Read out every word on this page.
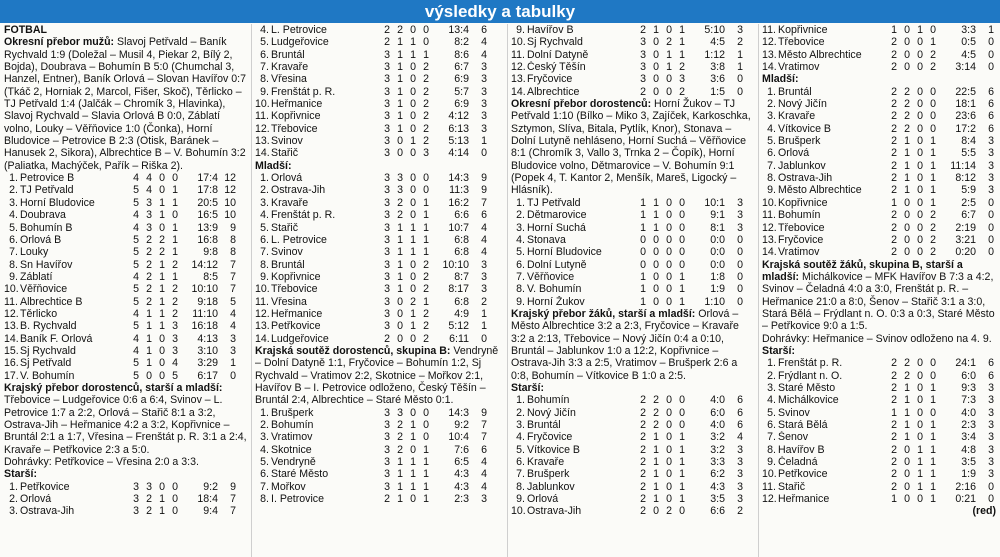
výsledky a tabulky
FOTBAL
Okresní přebor mužů: Slavoj Petřvald – Baník Rychvald 1:9 (Doležal – Musil 4, Piekar 2, Bílý 2, Bojda), Doubrava – Bohumín B 5:0 (Chumchal 3, Hanzel, Entner), Baník Orlová – Slovan Havířov 0:7 (Tkáč 2, Horniak 2, Marcol, Fišer, Skoč), Těrlicko – TJ Petřvald 1:4 (Jalčák – Chromík 3, Hlavinka), Slavoj Rychvald – Slavia Orlová B 0:0, Záblatí volno, Louky – Věřňovice 1:0 (Čonka), Horní Bludovice – Petrovice B 2:3 (Otisk, Baránek – Hanusek 2, Sikora), Albrechtice B – V. Bohumín 3:2 (Paliatka, Machýček, Pařík – Riška 2).
1. Petrovice B	4 4 0 0	17:4 12
2. TJ Petřvald	5 4 0 1	17:8 12
3. Horní Bludovice	5 3 1 1	20:5 10
4. Doubrava	4 3 1 0	16:5 10
5. Bohumín B	4 3 0 1	13:9	9
6. Orlová B	5 2 2 1	16:8	8
7. Louky	5 2 2 1	9:8	8
8. Sn Havířov	5 2 1 2	14:12	7
9. Záblatí	4 2 1 1	8:5	7
10. Věřňovice	5 2 1 2	10:10	7
11. Albrechtice B	5 2 1 2	9:18	5
12. Těrlicko	4 1 1 2	11:10	4
13. B. Rychvald	5 1 1 3	16:18	4
14. Baník F. Orlová	4 1 0 3	4:13	3
15. Sj Rychvald	4 1 0 3	3:10	3
16. Sj Petřvald	5 1 0 4	3:29	1
17. V. Bohumín	5 0 0 5	6:17	0
Krajský přebor dorostenců, starší a mladší: Třebovice – Ludgeřovice 0:6 a 6:4, Svinov – L. Petrovice 1:7 a 2:2, Orlová – Stařič 8:1 a 3:2, Ostrava-Jih – Heřmanice 4:2 a 3:2, Kopřivnice – Bruntál 2:1 a 1:7, Vřesina – Frenštát p. R. 3:1 a 2:4, Kravaře – Petřkovice 2:3 a 5:0.
Dohrávky: Petřkovice – Vřesina 2:0 a 3:3.
Starší:
1. Petřkovice	3 3 0 0	9:2	9
2. Orlová	3 2 1 0	18:4	7
3. Ostrava-Jih	3 2 1 0	9:4	7
4. L. Petrovice	2 2 0 0	13:4	6
5. Ludgeřovice	2 1 1 0	8:2	4
6. Bruntál	3 1 1 1	8:6	4
7. Kravaře	3 1 0 2	6:7	3
8. Vřesina	3 1 0 2	6:9	3
9. Frenštát p. R.	3 1 0 2	5:7	3
10. Heřmanice	3 1 0 2	6:9	3
11. Kopřivnice	3 1 0 2	4:12	3
12. Třebovice	3 1 0 2	6:13	3
13. Svinov	3 0 1 2	5:13	1
14. Stařič	3 0 0 3	4:14	0
Mladší:
1. Orlová	3 3 0 0	14:3	9
2. Ostrava-Jih	3 3 0 0	11:3	9
3. Kravaře	3 2 0 1	16:2	7
4. Frenštát p. R.	3 2 0 1	6:6	6
5. Stařič	3 1 1 1	10:7	4
6. L. Petrovice	3 1 1 1	6:8	4
7. Svinov	3 1 1 1	6:8	4
8. Bruntál	3 1 0 2	10:10	3
9. Kopřivnice	3 1 0 2	8:7	3
10. Třebovice	3 1 0 2	8:17	3
11. Vřesina	3 0 2 1	6:8	2
12. Heřmanice	3 0 1 2	4:9	1
13. Petřkovice	3 0 1 2	5:12	1
14. Ludgeřovice	2 0 0 2	6:11	0
Krajská soutěž dorostenců, skupina B: Vendryně – Dolní Datyně 1:1, Fryčovice – Bohumín 1:2, Sj Rychvald – Vratimov 2:2, Skotnice – Mořkov 2:1, Havířov B – I. Petrovice odloženo, Český Těšín – Bruntál 2:4, Albrechtice – Staré Město 0:1.
1. Brušperk	3 3 0 0	14:3	9
2. Bohumín	3 2 1 0	9:2	7
3. Vratimov	3 2 1 0	10:4	7
4. Skotnice	3 2 0 1	7:6	6
5. Vendryně	3 1 1 1	6:5	4
6. Staré Město	3 1 1 1	4:3	4
7. Mořkov	3 1 1 1	4:3	4
8. I. Petrovice	2 1 0 1	2:3	3
9. Havířov B	2 1 0 1	5:10	3
10. Sj Rychvald	3 0 2 1	4:5	2
11. Dolní Datyně	3 0 1 1	1:12	1
12. Český Těšín	3 0 1 2	3:8	1
13. Fryčovice	3 0 0 3	3:6	0
14. Albrechtice	2 0 0 2	1:5	0
Okresní přebor dorostenců: Horní Žukov – TJ Petřvald 1:10 (Bílko – Miko 3, Zajíček, Karkoschka, Sztymon, Slíva, Bitala, Pytlík, Knor), Stonava – Dolní Lutyně nehláseno, Horní Suchá – Věřňovice 8:1 (Chromík 3, Vallo 3, Trnka 2 – Čopík), Horní Bludovice volno, Dětmarovice – V. Bohumín 9:1 (Popek 4, T. Kantor 2, Menšík, Mareš, Ligocký – Hlásník).
1. TJ Petřvald	1 1 0 0	10:1	3
2. Dětmarovice	1 1 0 0	9:1	3
3. Horní Suchá	1 1 0 0	8:1	3
4. Stonava	0 0 0 0	0:0	0
5. Horní Bludovice	0 0 0 0	0:0	0
6. Dolní Lutyně	0 0 0 0	0:0	0
7. Věřňovice	1 0 0 1	1:8	0
8. V. Bohumín	1 0 0 1	1:9	0
9. Horní Žukov	1 0 0 1	1:10	0
Krajský přebor žáků, starší a mladší: Orlová – Město Albrechtice 3:2 a 2:3, Fryčovice – Kravaře 3:2 a 2:13, Třebovice – Nový Jičín 0:4 a 0:10, Bruntál – Jablunkov 1:0 a 12:2, Kopřivnice – Ostrava-Jih 3:3 a 2:5, Vratimov – Brušperk 2:6 a 0:8, Bohumín – Vítkovice B 1:0 a 2:5.
Starší:
1. Bohumín	2 2 0 0	4:0	6
2. Nový Jičín	2 2 0 0	6:0	6
3. Bruntál	2 2 0 0	4:0	6
4. Fryčovice	2 1 0 1	3:2	4
5. Vítkovice B	2 1 0 1	3:2	3
6. Kravaře	2 1 0 1	3:3	3
7. Brušperk	2 1 0 1	6:2	3
8. Jablunkov	2 1 0 1	4:3	3
9. Orlová	2 1 0 1	3:5	3
10. Ostrava-Jih	2 0 2 0	6:6	2
11. Kopřivnice	1 0 1 0	3:3	1
12. Třebovice	2 0 0 1	0:5	0
13. Město Albrechtice	2 0 0 2	4:5	0
14. Vratimov	2 0 0 2	3:14	0
Mladší:
1. Bruntál	2 2 0 0	22:5	6
2. Nový Jičín	2 2 0 0	18:1	6
3. Kravaře	2 2 0 0	23:6	6
4. Vítkovice B	2 2 0 0	17:2	6
5. Brušperk	2 1 0 1	8:4	3
6. Orlová	2 1 0 1	5:5	3
7. Jablunkov	2 1 0 1	11:14	3
8. Ostrava-Jih	2 1 0 1	8:12	3
9. Město Albrechtice	2 1 0 1	5:9	3
10. Kopřivnice	1 0 0 1	2:5	0
11. Bohumín	2 0 0 2	6:7	0
12. Třebovice	2 0 0 2	2:19	0
13. Fryčovice	2 0 0 2	3:21	0
14. Vratimov	2 0 0 2	0:20	0
Krajská soutěž žáků, skupina B, starší a mladší: Michálkovice – MFK Havířov B 7:3 a 4:2, Svinov – Čeladná 4:0 a 3:0, Frenštát p. R. – Heřmanice 21:0 a 8:0, Šenov – Stařič 3:1 a 3:0, Stará Bělá – Frýdlant n. O. 0:3 a 0:3, Staré Město – Petřkovice 9:0 a 1:5.
Dohrávky: Heřmanice – Svinov odloženo na 4. 9.
Starší:
1. Frenštát p. R.	2 2 0 0	24:1	6
2. Frýdlant n. O.	2 2 0 0	6:0	6
3. Staré Město	2 1 0 1	9:3	3
4. Michálkovice	2 1 0 1	7:3	3
5. Svinov	1 1 0 0	4:0	3
6. Stará Bělá	2 1 0 1	2:3	3
7. Šenov	2 1 0 1	3:4	3
8. Havířov B	2 0 1 1	4:8	3
9. Čeladná	2 0 1 1	3:5	3
10. Petřkovice	2 0 1 1	1:9	3
11. Stařič	2 0 1 1	2:16	0
12. Heřmanice	1 0 0 1	0:21	0
(red)
